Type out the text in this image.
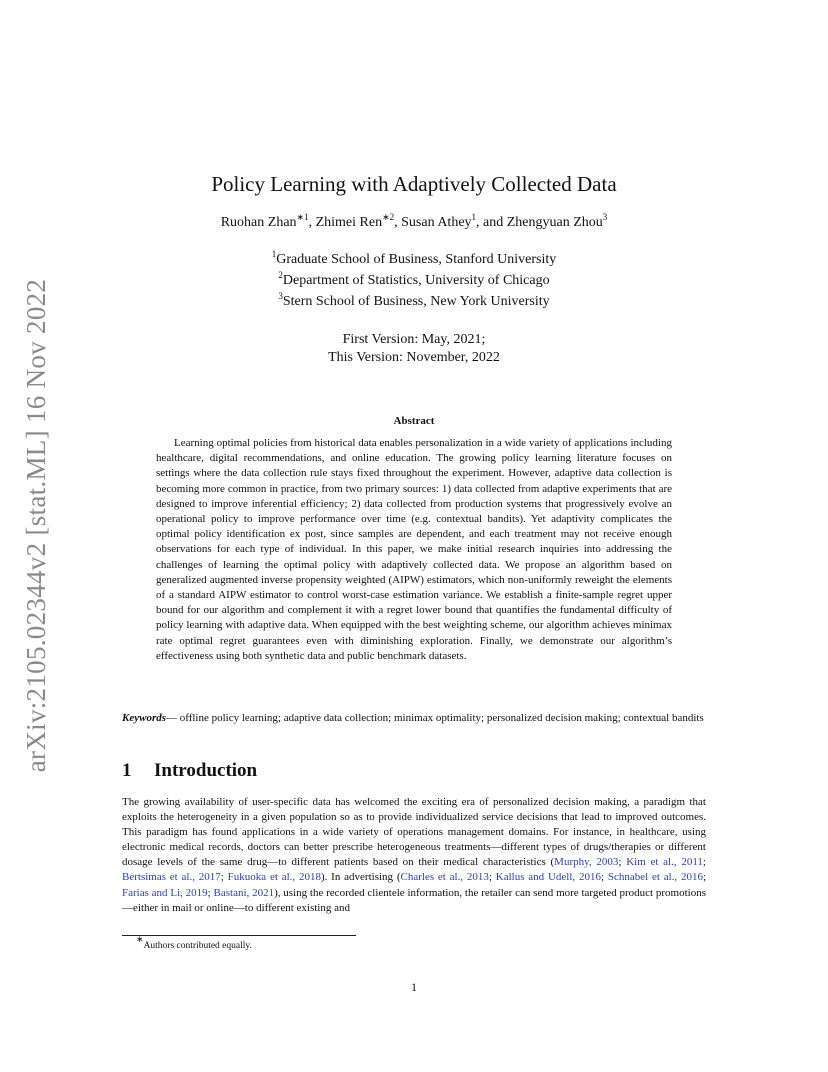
arXiv:2105.02344v2 [stat.ML] 16 Nov 2022
Policy Learning with Adaptively Collected Data
Ruohan Zhan$^{∗1}$, Zhimei Ren$^{∗2}$, Susan Athey$^1$, and Zhengyuan Zhou$^3$
$^1$Graduate School of Business, Stanford University
$^2$Department of Statistics, University of Chicago
$^3$Stern School of Business, New York University
First Version: May, 2021;
This Version: November, 2022
Abstract

Learning optimal policies from historical data enables personalization in a wide variety of applications including healthcare, digital recommendations, and online education. The growing policy learning literature focuses on settings where the data collection rule stays fixed throughout the experiment. However, adaptive data collection is becoming more common in practice, from two primary sources: 1) data collected from adaptive experiments that are designed to improve inferential efficiency; 2) data collected from production systems that progressively evolve an operational policy to improve performance over time (e.g. contextual bandits). Yet adaptivity complicates the optimal policy identification ex post, since samples are dependent, and each treatment may not receive enough observations for each type of individual. In this paper, we make initial research inquiries into addressing the challenges of learning the optimal policy with adaptively collected data. We propose an algorithm based on generalized augmented inverse propensity weighted (AIPW) estimators, which non-uniformly reweight the elements of a standard AIPW estimator to control worst-case estimation variance. We establish a finite-sample regret upper bound for our algorithm and complement it with a regret lower bound that quantifies the fundamental difficulty of policy learning with adaptive data. When equipped with the best weighting scheme, our algorithm achieves minimax rate optimal regret guarantees even with diminishing exploration. Finally, we demonstrate our algorithm’s effectiveness using both synthetic data and public benchmark datasets.

Keywords— offline policy learning; adaptive data collection; minimax optimality; personalized decision making; contextual bandits

1 Introduction

The growing availability of user-specific data has welcomed the exciting era of personalized decision making, a paradigm that exploits the heterogeneity in a given population so as to provide individualized service decisions that lead to improved outcomes. This paradigm has found applications in a wide variety of operations management domains. For instance, in healthcare, using electronic medical records, doctors can better prescribe heterogeneous treatments—different types of drugs/therapies or different dosage levels of the same drug—to different patients based on their medical characteristics (Murphy, 2003; Kim et al., 2011; Bertsimas et al., 2017; Fukuoka et al., 2018). In advertising (Charles et al., 2013; Kallus and Udell, 2016; Schnabel et al., 2016; Farias and Li, 2019; Bastani, 2021), using the recorded clientele information, the retailer can send more targeted product promotions—either in mail or online—to different existing and

∗Authors contributed equally.
1
